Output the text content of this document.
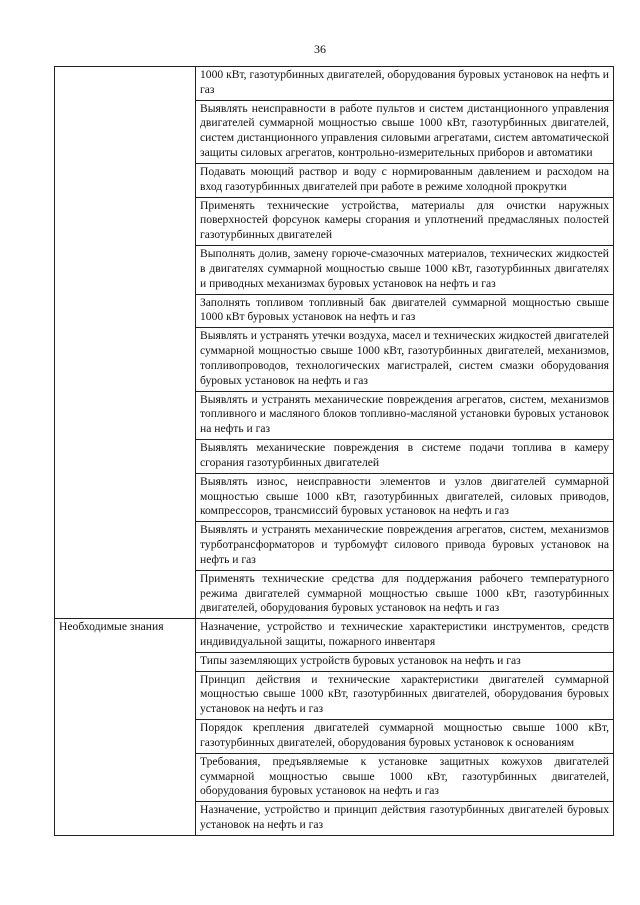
36
	1000 кВт, газотурбинных двигателей, оборудования буровых установок на нефть и газ
	Выявлять неисправности в работе пультов и систем дистанционного управления двигателей суммарной мощностью свыше 1000 кВт, газотурбинных двигателей, систем дистанционного управления силовыми агрегатами, систем автоматической защиты силовых агрегатов, контрольно-измерительных приборов и автоматики
	Подавать моющий раствор и воду с нормированным давлением и расходом на вход газотурбинных двигателей при работе в режиме холодной прокрутки
	Применять технические устройства, материалы для очистки наружных поверхностей форсунок камеры сгорания и уплотнений предмасляных полостей газотурбинных двигателей
	Выполнять долив, замену горюче-смазочных материалов, технических жидкостей в двигателях суммарной мощностью свыше 1000 кВт, газотурбинных двигателях и приводных механизмах буровых установок на нефть и газ
	Заполнять топливом топливный бак двигателей суммарной мощностью свыше 1000 кВт буровых установок на нефть и газ
	Выявлять и устранять утечки воздуха, масел и технических жидкостей двигателей суммарной мощностью свыше 1000 кВт, газотурбинных двигателей, механизмов, топливопроводов, технологических магистралей, систем смазки оборудования буровых установок на нефть и газ
	Выявлять и устранять механические повреждения агрегатов, систем, механизмов топливного и масляного блоков топливно-масляной установки буровых установок на нефть и газ
	Выявлять механические повреждения в системе подачи топлива в камеру сгорания газотурбинных двигателей
	Выявлять износ, неисправности элементов и узлов двигателей суммарной мощностью свыше 1000 кВт, газотурбинных двигателей, силовых приводов, компрессоров, трансмиссий буровых установок на нефть и газ
	Выявлять и устранять механические повреждения агрегатов, систем, механизмов турботрансформаторов и турбомуфт силового привода буровых установок на нефть и газ
	Применять технические средства для поддержания рабочего температурного режима двигателей суммарной мощностью свыше 1000 кВт, газотурбинных двигателей, оборудования буровых установок на нефть и газ
Необходимые знания	Назначение, устройство и технические характеристики инструментов, средств индивидуальной защиты, пожарного инвентаря
	Типы заземляющих устройств буровых установок на нефть и газ
	Принцип действия и технические характеристики двигателей суммарной мощностью свыше 1000 кВт, газотурбинных двигателей, оборудования буровых установок на нефть и газ
	Порядок крепления двигателей суммарной мощностью свыше 1000 кВт, газотурбинных двигателей, оборудования буровых установок к основаниям
	Требования, предъявляемые к установке защитных кожухов двигателей суммарной мощностью свыше 1000 кВт, газотурбинных двигателей, оборудования буровых установок на нефть и газ
	Назначение, устройство и принцип действия газотурбинных двигателей буровых установок на нефть и газ
